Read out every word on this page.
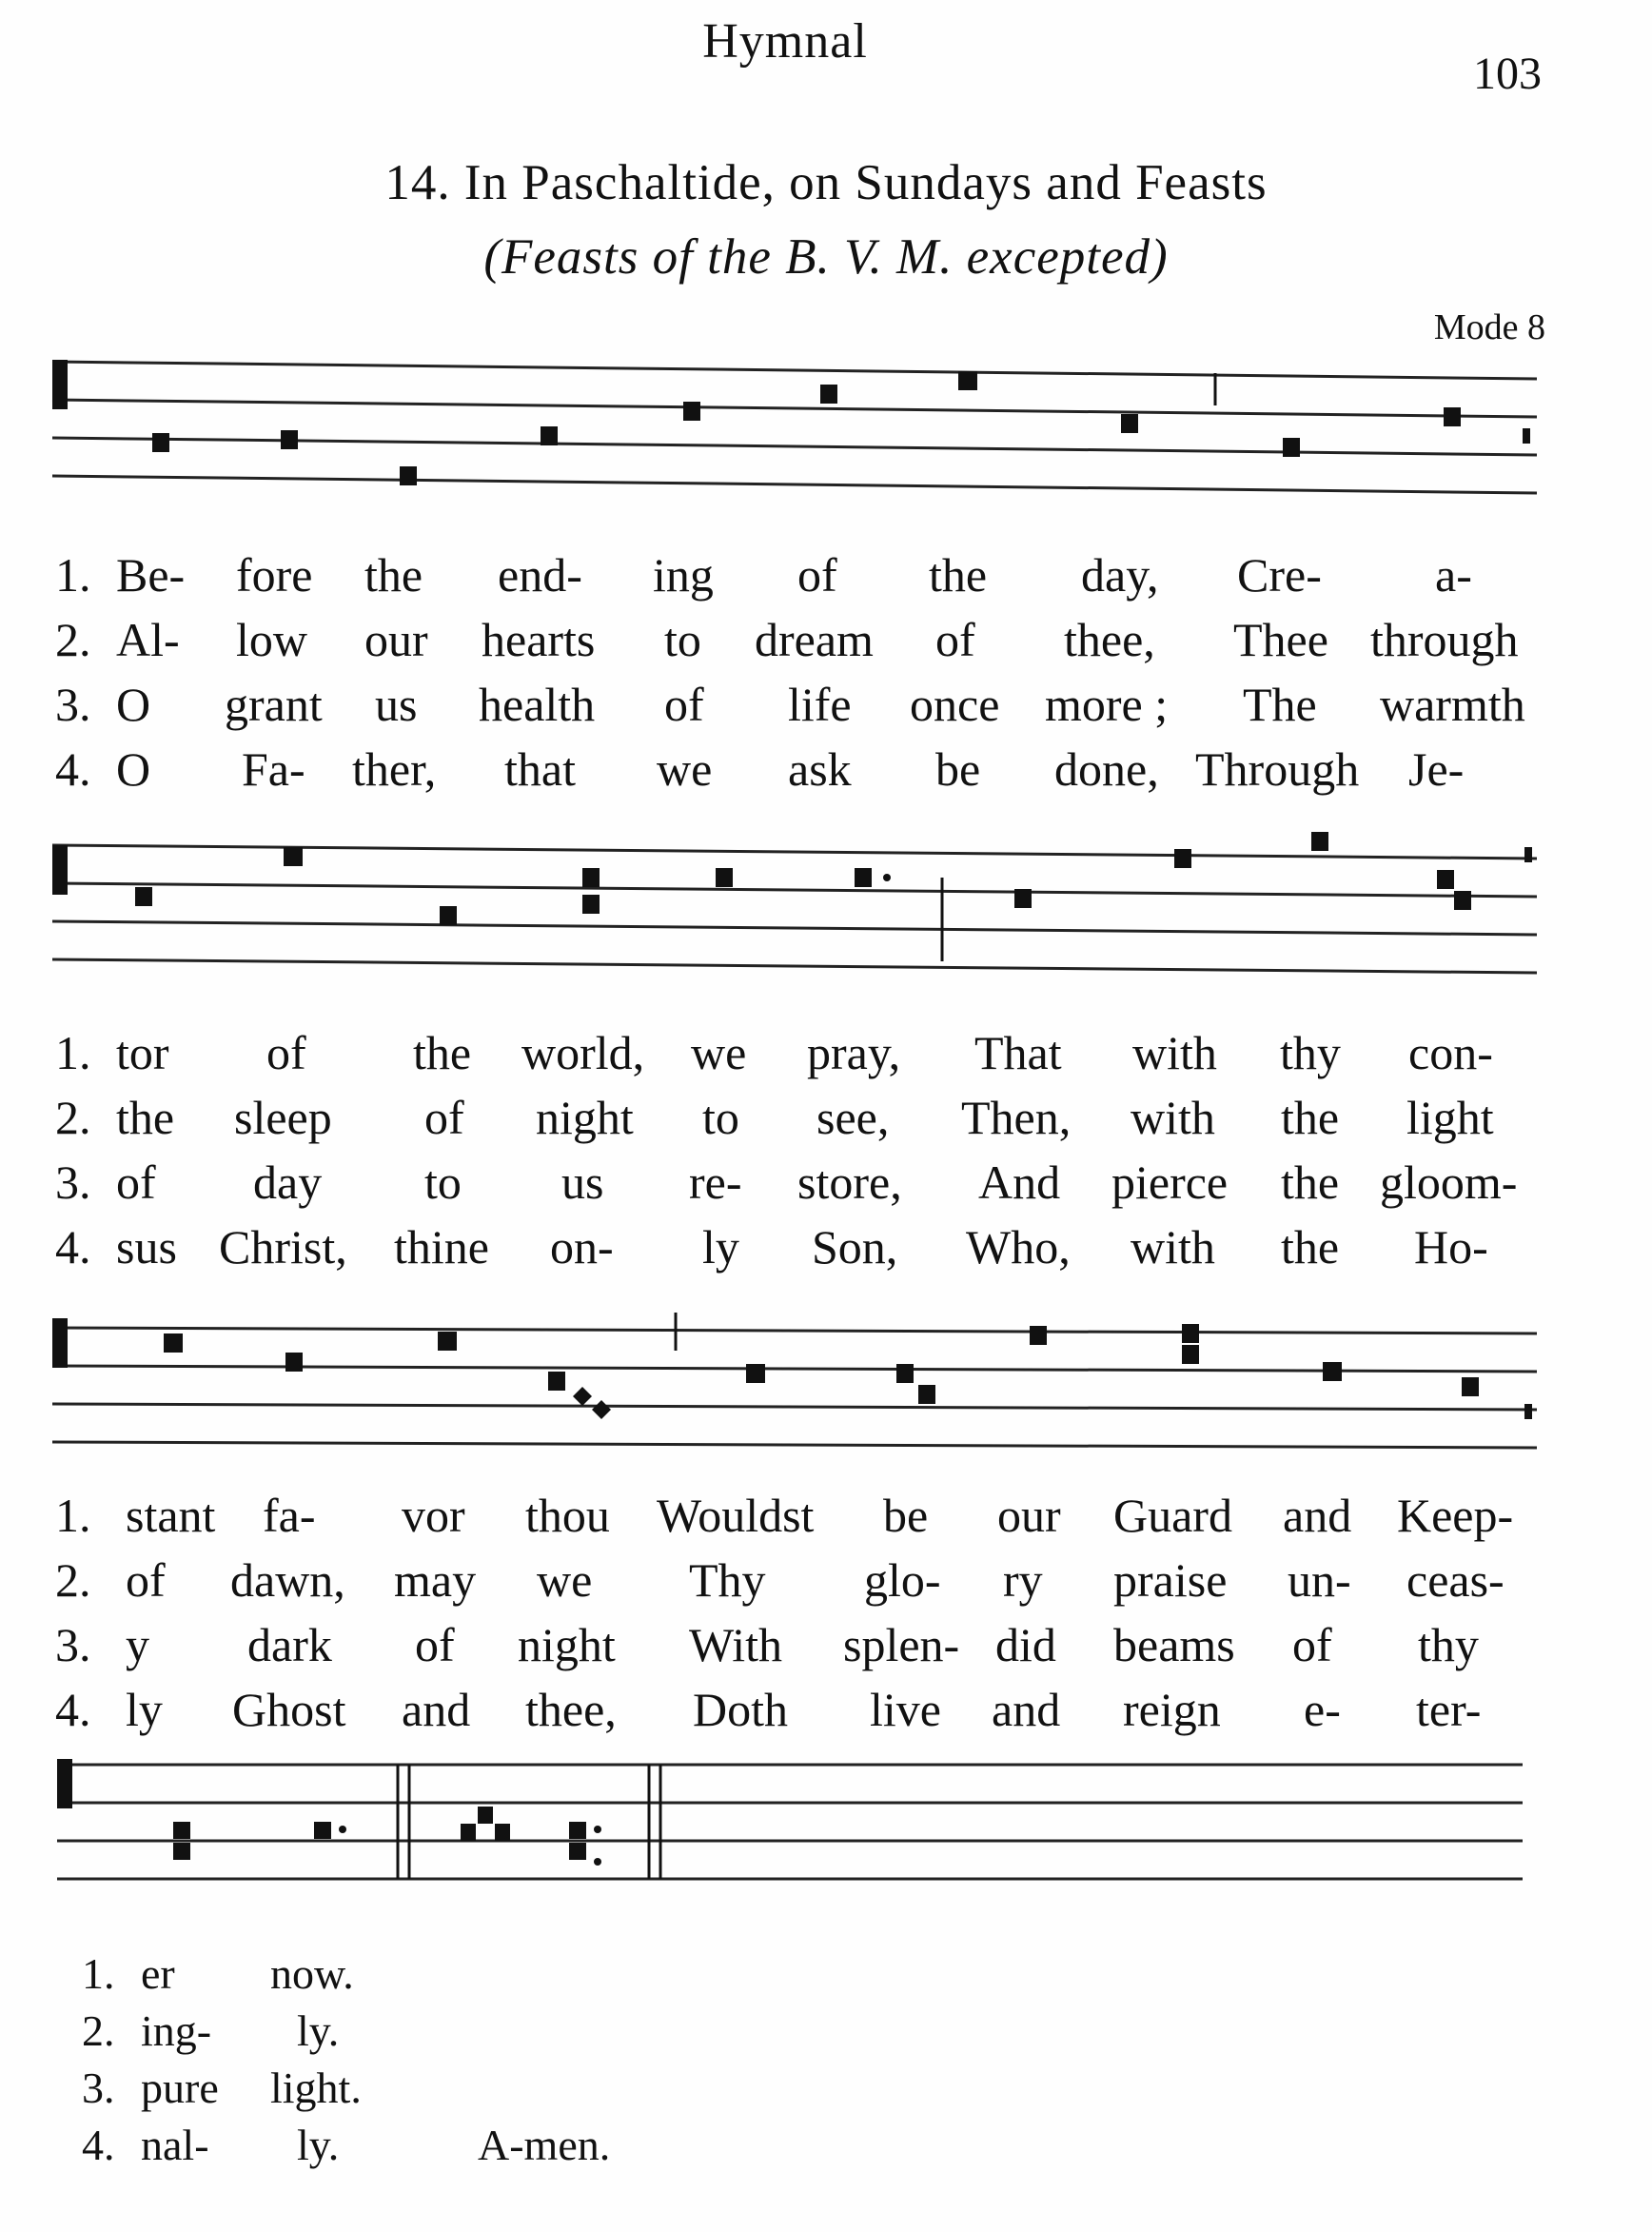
Hymnal
103
14. In Paschaltide, on Sundays and Feasts
(Feasts of the B. V. M. excepted)
Mode 8
1. Be- fore the end- ing of the day, Cre- a-
2. Al- low our hearts to dream of thee, Thee through
3. O grant us health of life once more ; The warmth
4. O Fa- ther, that we ask be done, Through Je-
1. tor of the world, we pray, That with thy con-
2. the sleep of night to see, Then, with the light
3. of day to us re- store, And pierce the gloom-
4. sus Christ, thine on- ly Son, Who, with the Ho-
1. stant fa- vor thou Wouldst be our Guard and Keep-
2. of dawn, may we Thy glo- ry praise un- ceas-
3. y dark of night With splen- did beams of thy
4. ly Ghost and thee, Doth live and reign e- ter-
1. er now.
2. ing- ly.
3. pure light.
4. nal- ly.	A-men.
